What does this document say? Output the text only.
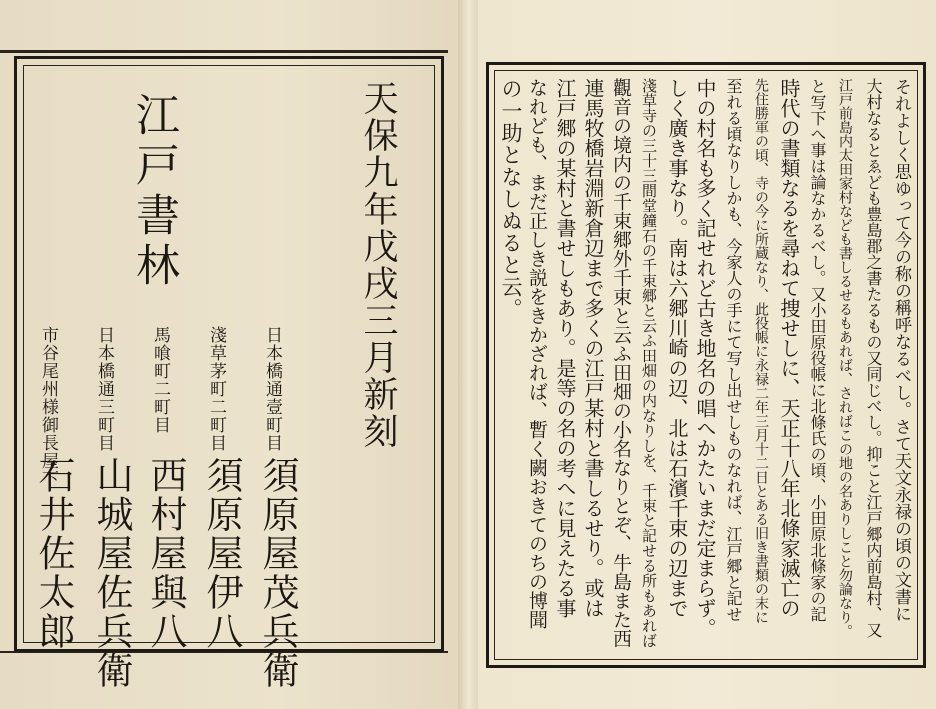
天保九年戊戌三月新刻
江戸書林
日本橋通壹町目
須原屋茂兵衛
淺草茅町二町目
須原屋伊八
馬喰町二町目
西村屋與八
日本橋通三町目
山城屋佐兵衛
市谷尾州様御長屋下
石井佐太郎	それよしく思ゆって今の称の稱呼なるべし。さて天文永禄の頃の文書に
大村なるとゑども豊島郡之書たるもの又同じべし。抑こと江戸郷内前島村、又
江戸前島内太田家村なども書しるせるもあれば、さればこの地の名ありしこと勿論なり。
と写下へ事は論なかるべし。又小田原役帳に北條氏の頃、小田原北條家の記
時代の書類なるを尋ねて捜せしに、天正十八年北條家滅亡の
先住勝軍の頃、寺の今に所蔵なり、此役帳に永禄二年三月十二日とある旧き書類の末に
至れる頃なりしかも、今家人の手にて写し出せしものなれば、江戸郷と記せ
中の村名も多く記せれど古き地名の唱へかたいまだ定まらず。
しく廣き事なり。南は六郷川崎の辺、北は石濱千束の辺まで
淺草寺の三十三間堂鐘石の千束郷と云ふ田畑の内なりしを、千束と記せる所もあれば
觀音の境内の千束郷外千束と云ふ田畑の小名なりとぞ、牛島また西
連馬牧橋岩淵新倉辺まで多くの江戸某村と書しるせり。或は
江戸郷の某村と書せしもあり。是等の名の考へに見えたる事
なれども、まだ正しき説をきかざれば、暫く闕おきてのちの博聞
の一助となしぬると云。
